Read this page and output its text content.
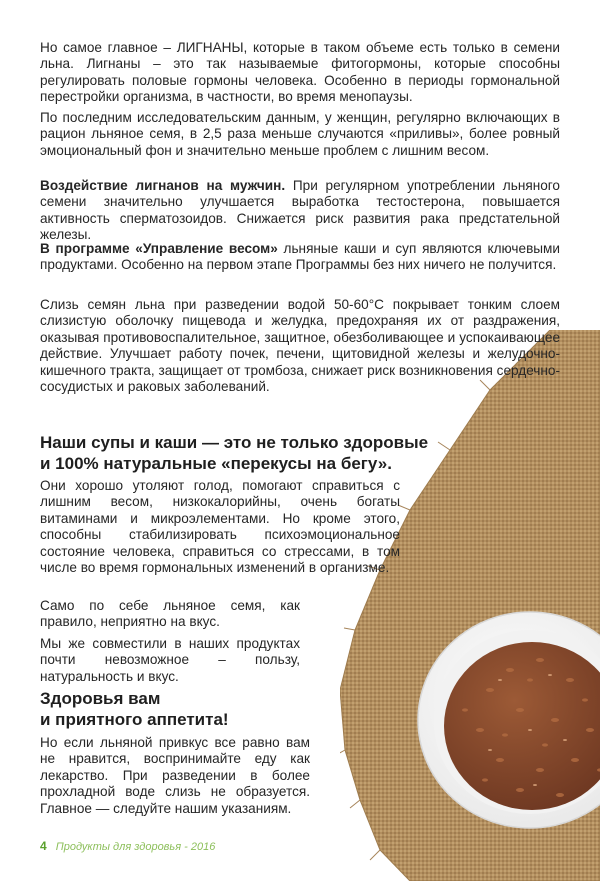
Но самое главное – ЛИГНАНЫ, которые в таком объеме есть только в семени льна. Лигнаны – это так называемые фитогормоны, которые способны регулировать половые гормоны человека. Особенно в периоды гормональной перестройки организма, в частности, во время менопаузы.

По последним исследовательским данным, у женщин, регулярно включающих в рацион льняное семя, в 2,5 раза меньше случаются «приливы», более ровный эмоциональный фон и значительно меньше проблем с лишним весом.

Воздействие лигнанов на мужчин. При регулярном употреблении льняного семени значительно улучшается выработка тестостерона, повышается активность сперматозоидов. Снижается риск развития рака предстательной железы.

В программе «Управление весом» льняные каши и суп являются ключевыми продуктами. Особенно на первом этапе Программы без них ничего не получится.

Слизь семян льна при разведении водой 50-60°С покрывает тонким слоем слизистую оболочку пищевода и желудка, предохраняя их от раздражения, оказывая противовоспалительное, защитное, обезболивающее и успокаивающее действие. Улучшает работу почек, печени, щитовидной железы и желудочно-кишечного тракта, защищает от тромбоза, снижает риск возникновения сердечно-сосудистых и раковых заболеваний.

Наши супы и каши — это не только здоровые
и 100% натуральные «перекусы на бегу».

Они хорошо утоляют голод, помогают справиться с лишним весом, низкокалорийны, очень богаты витаминами и микроэлементами. Но кроме этого, способны стабилизировать психоэмоциональное состояние человека, справиться со стрессами, в том числе во время гормональных изменений в организме.

Само по себе льняное семя, как правило, неприятно на вкус.

Мы же совместили в наших продуктах почти невозможное – пользу, натуральность и вкус.

Здоровья вам
и приятного аппетита!

Но если льняной привкус все равно вам не нравится, воспринимайте еду как лекарство. При разведении в более прохладной воде слизь не образуется. Главное — следуйте нашим указаниям.

4 Продукты для здоровья - 2016
